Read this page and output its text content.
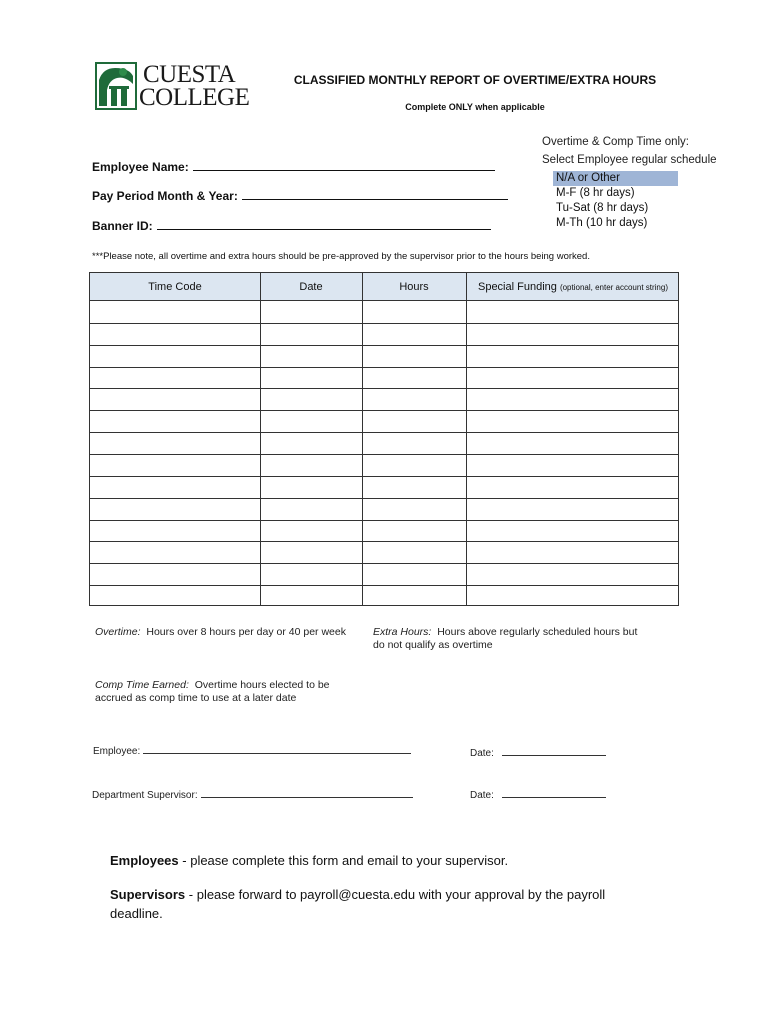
CUESTA
COLLEGE
CLASSIFIED MONTHLY REPORT OF OVERTIME/EXTRA HOURS
Complete ONLY when applicable
Overtime & Comp Time only:
Select Employee regular schedule
N/A or Other
M-F (8 hr days)
Tu-Sat (8 hr days)
M-Th (10 hr days)
Employee Name:
Pay Period Month & Year:
Banner ID:
***Please note, all overtime and extra hours should be pre-approved by the supervisor prior to the hours being worked.
Time Code	Date	Hours	Special Funding (optional, enter account string)
Overtime: Hours over 8 hours per day or 40 per week	Extra Hours: Hours above regularly scheduled hours but do not qualify as overtime
Comp Time Earned: Overtime hours elected to be accrued as comp time to use at a later date
Employee:	Date:
Department Supervisor:	Date:
Employees - please complete this form and email to your supervisor.
Supervisors - please forward to payroll@cuesta.edu with your approval by the payroll deadline.
